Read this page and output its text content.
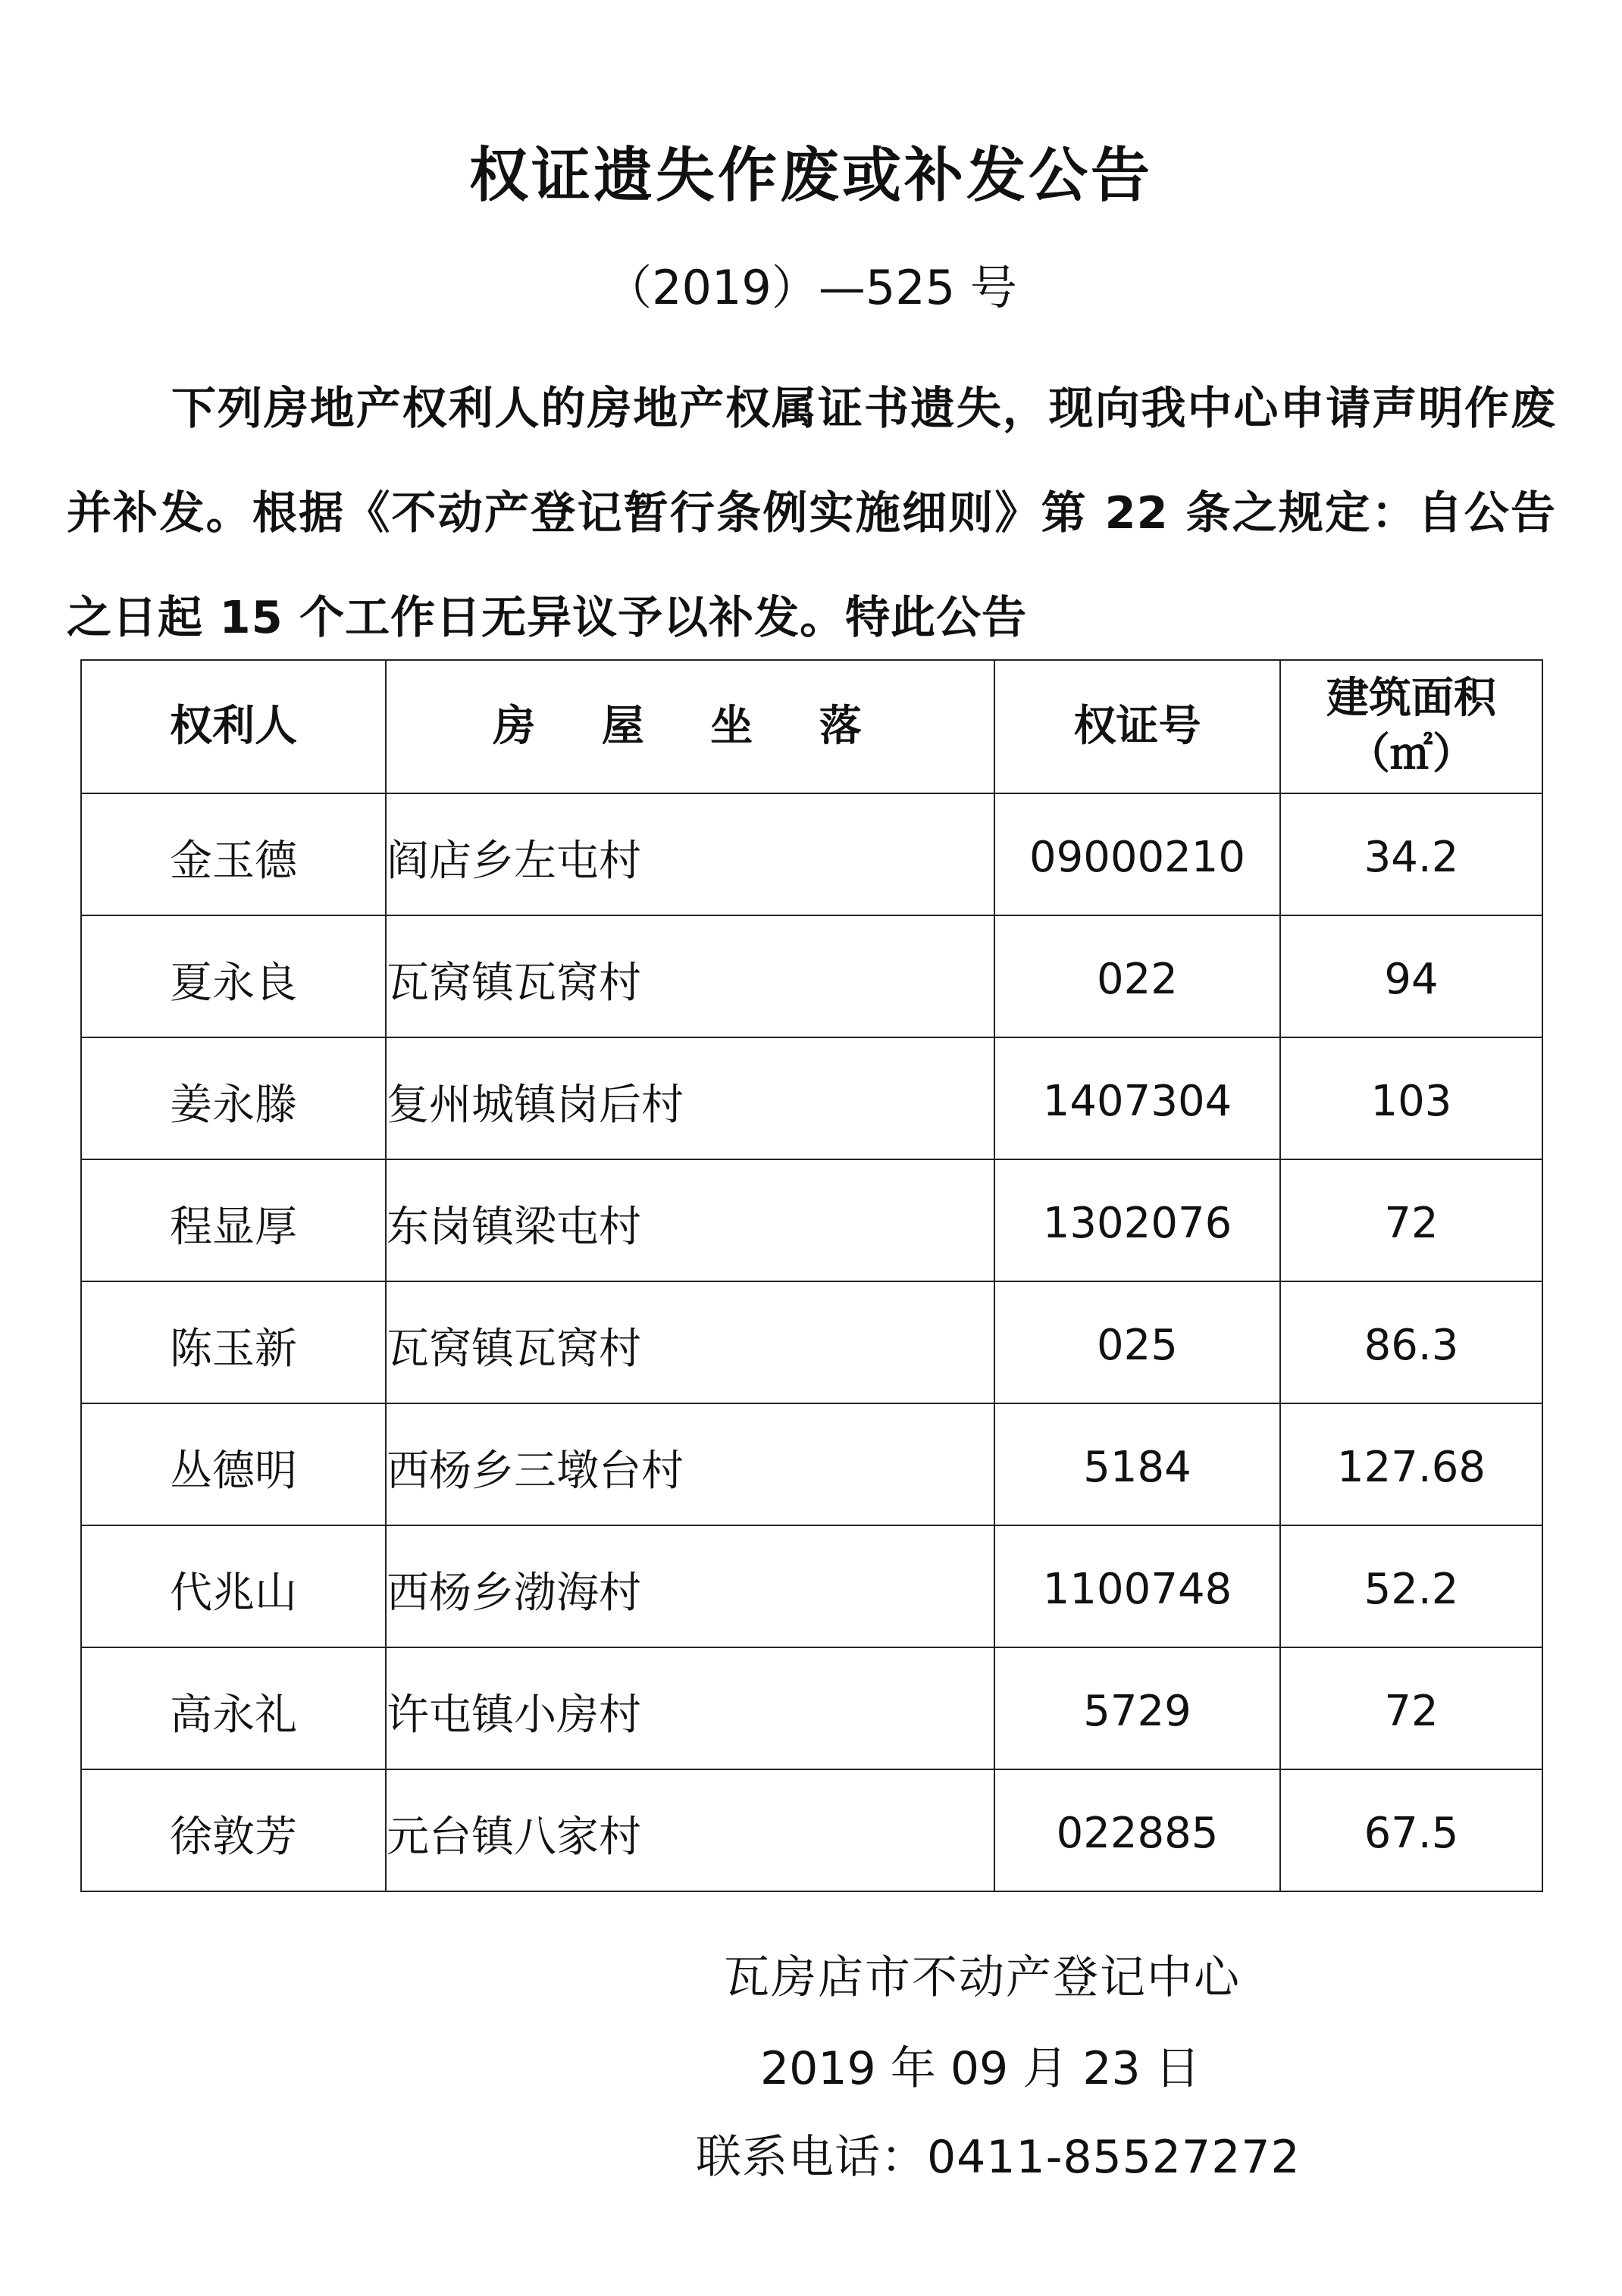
权证遗失作废或补发公告
（2019）—525 号
下列房地产权利人的房地产权属证书遗失，现向我中心申请声明作废并补发。根据《不动产登记暂行条例实施细则》第 22 条之规定：自公告之日起 15 个工作日无异议予以补发。特此公告
权利人	房 屋 坐 落	权证号	建筑面积
（㎡）

金玉德	阎店乡左屯村	09000210	34.2
夏永良	瓦窝镇瓦窝村	022	94
姜永滕	复州城镇岗后村	1407304	103
程显厚	东岗镇梁屯村	1302076	72
陈玉新	瓦窝镇瓦窝村	025	86.3
丛德明	西杨乡三墩台村	5184	127.68
代兆山	西杨乡渤海村	1100748	52.2
高永礼	许屯镇小房村	5729	72
徐敦芳	元台镇八家村	022885	67.5
瓦房店市不动产登记中心
2019 年 09 月 23 日
联系电话：0411-85527272
